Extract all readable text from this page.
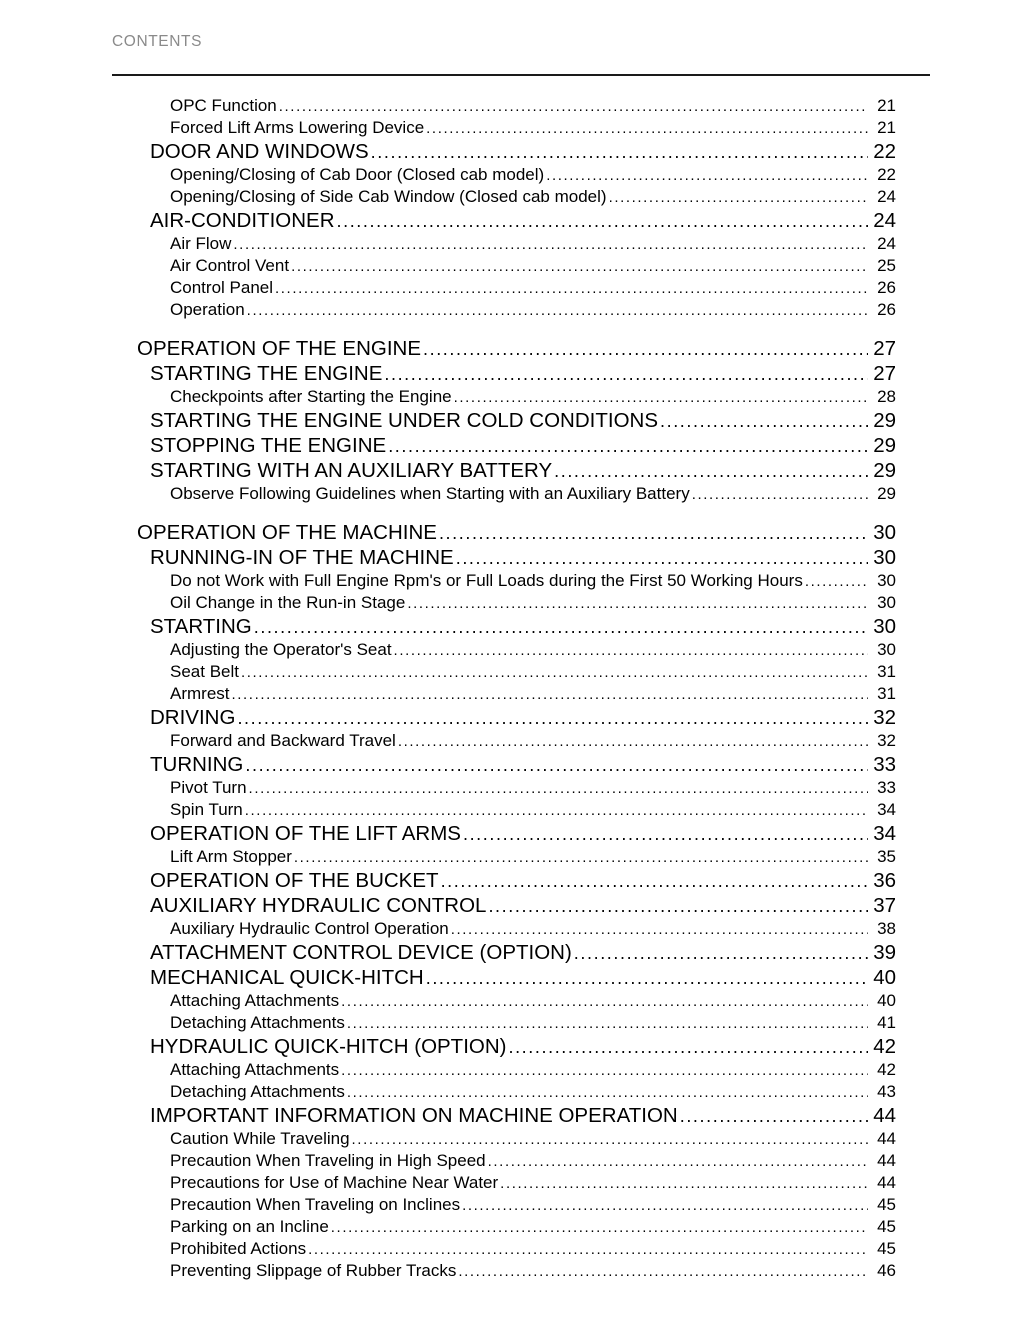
CONTENTS
OPC Function .....	21
Forced Lift Arms Lowering Device .....	21
DOOR AND WINDOWS .....	22
Opening/Closing of Cab Door (Closed cab model) .....	22
Opening/Closing of Side Cab Window (Closed cab model) .....	24
AIR-CONDITIONER .....	24
Air Flow .....	24
Air Control Vent .....	25
Control Panel .....	26
Operation .....	26
OPERATION OF THE ENGINE .....	27
STARTING THE ENGINE .....	27
Checkpoints after Starting the Engine .....	28
STARTING THE ENGINE UNDER COLD CONDITIONS .....	29
STOPPING THE ENGINE .....	29
STARTING WITH AN AUXILIARY BATTERY .....	29
Observe Following Guidelines when Starting with an Auxiliary Battery .....	29
OPERATION OF THE MACHINE .....	30
RUNNING-IN OF THE MACHINE .....	30
Do not Work with Full Engine Rpm's or Full Loads during the First 50 Working Hours .....	30
Oil Change in the Run-in Stage .....	30
STARTING .....	30
Adjusting the Operator's Seat .....	30
Seat Belt .....	31
Armrest .....	31
DRIVING .....	32
Forward and Backward Travel .....	32
TURNING .....	33
Pivot Turn .....	33
Spin Turn .....	34
OPERATION OF THE LIFT ARMS .....	34
Lift Arm Stopper .....	35
OPERATION OF THE BUCKET .....	36
AUXILIARY HYDRAULIC CONTROL .....	37
Auxiliary Hydraulic Control Operation .....	38
ATTACHMENT CONTROL DEVICE (OPTION) .....	39
MECHANICAL QUICK-HITCH .....	40
Attaching Attachments .....	40
Detaching Attachments .....	41
HYDRAULIC QUICK-HITCH (OPTION) .....	42
Attaching Attachments .....	42
Detaching Attachments .....	43
IMPORTANT INFORMATION ON MACHINE OPERATION .....	44
Caution While Traveling .....	44
Precaution When Traveling in High Speed .....	44
Precautions for Use of Machine Near Water .....	44
Precaution When Traveling on Inclines .....	45
Parking on an Incline .....	45
Prohibited Actions .....	45
Preventing Slippage of Rubber Tracks .....	46
